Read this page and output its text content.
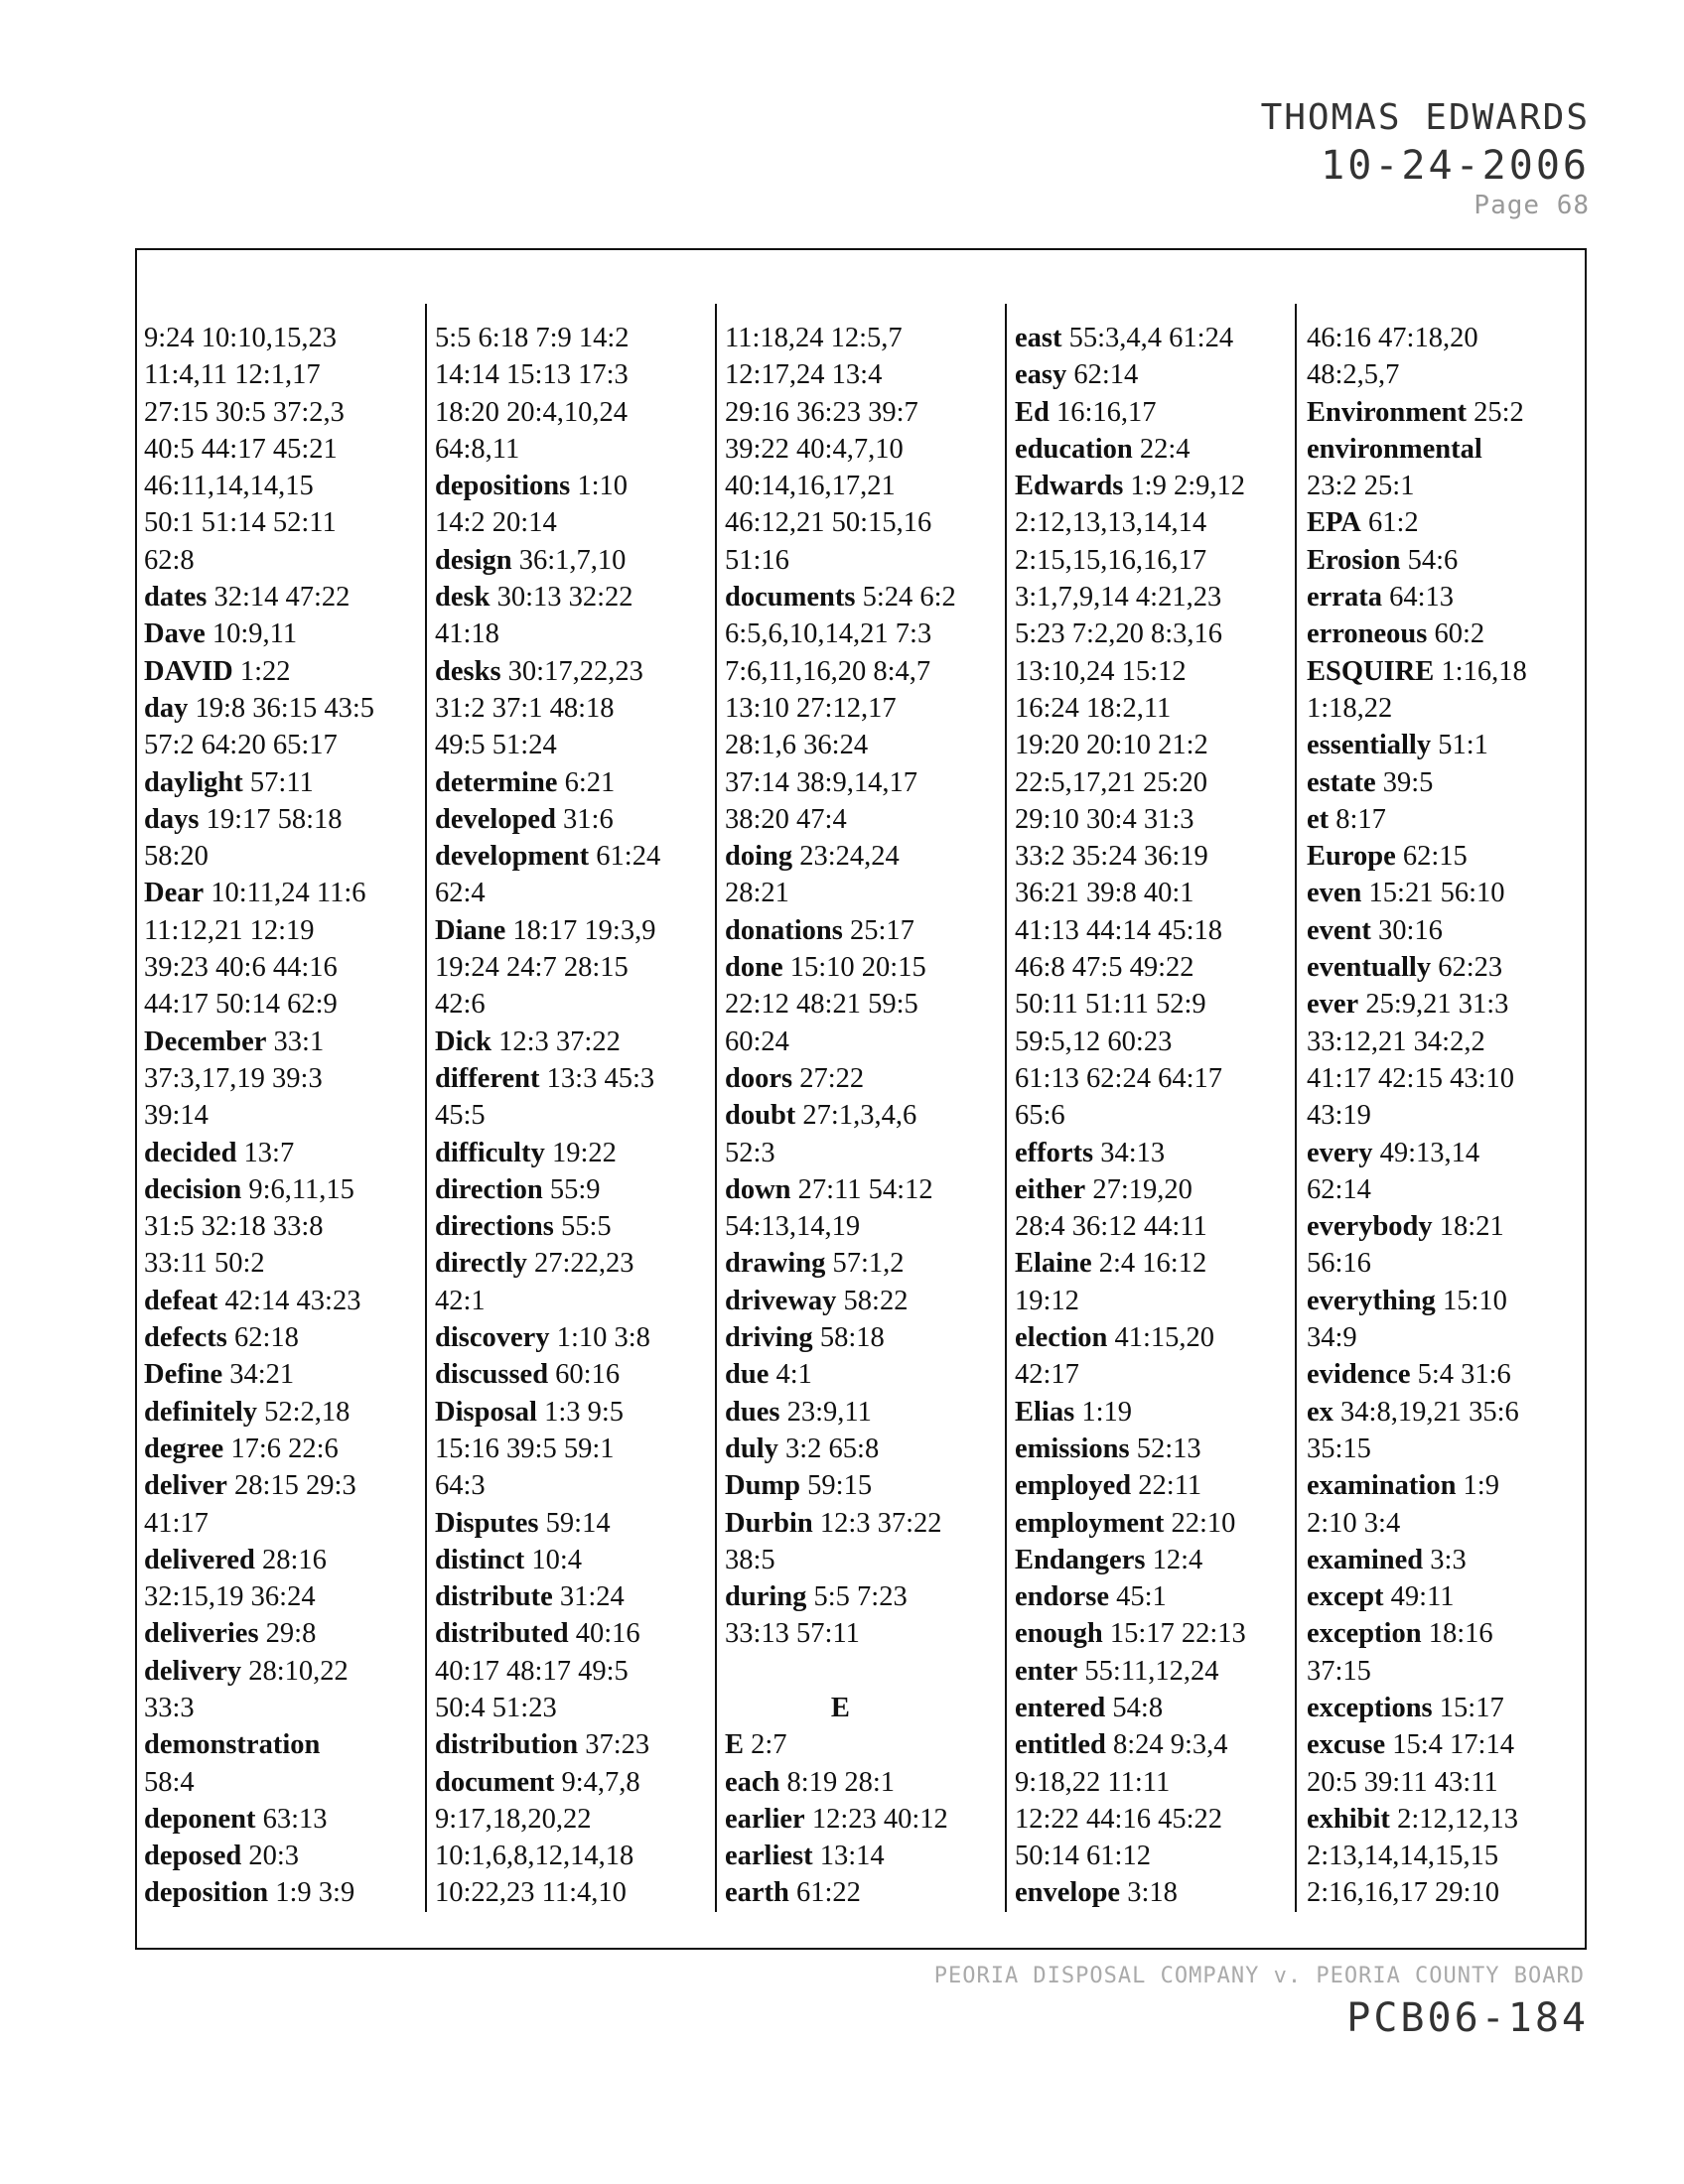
THOMAS EDWARDS
10-24-2006
Page 68
9:24 10:10,15,23
11:4,11 12:1,17
27:15 30:5 37:2,3
40:5 44:17 45:21
46:11,14,14,15
50:1 51:14 52:11
62:8
dates 32:14 47:22
Dave 10:9,11
DAVID 1:22
day 19:8 36:15 43:5
57:2 64:20 65:17
daylight 57:11
days 19:17 58:18
58:20
Dear 10:11,24 11:6
11:12,21 12:19
39:23 40:6 44:16
44:17 50:14 62:9
December 33:1
37:3,17,19 39:3
39:14
decided 13:7
decision 9:6,11,15
31:5 32:18 33:8
33:11 50:2
defeat 42:14 43:23
defects 62:18
Define 34:21
definitely 52:2,18
degree 17:6 22:6
deliver 28:15 29:3
41:17
delivered 28:16
32:15,19 36:24
deliveries 29:8
delivery 28:10,22
33:3
demonstration
58:4
deponent 63:13
deposed 20:3
deposition 1:9 3:9
5:5 6:18 7:9 14:2
14:14 15:13 17:3
18:20 20:4,10,24
64:8,11
depositions 1:10
14:2 20:14
design 36:1,7,10
desk 30:13 32:22
41:18
desks 30:17,22,23
31:2 37:1 48:18
49:5 51:24
determine 6:21
developed 31:6
development 61:24
62:4
Diane 18:17 19:3,9
19:24 24:7 28:15
42:6
Dick 12:3 37:22
different 13:3 45:3
45:5
difficulty 19:22
direction 55:9
directions 55:5
directly 27:22,23
42:1
discovery 1:10 3:8
discussed 60:16
Disposal 1:3 9:5
15:16 39:5 59:1
64:3
Disputes 59:14
distinct 10:4
distribute 31:24
distributed 40:16
40:17 48:17 49:5
50:4 51:23
distribution 37:23
document 9:4,7,8
9:17,18,20,22
10:1,6,8,12,14,18
10:22,23 11:4,10
11:18,24 12:5,7
12:17,24 13:4
29:16 36:23 39:7
39:22 40:4,7,10
40:14,16,17,21
46:12,21 50:15,16
51:16
documents 5:24 6:2
6:5,6,10,14,21 7:3
7:6,11,16,20 8:4,7
13:10 27:12,17
28:1,6 36:24
37:14 38:9,14,17
38:20 47:4
doing 23:24,24
28:21
donations 25:17
done 15:10 20:15
22:12 48:21 59:5
60:24
doors 27:22
doubt 27:1,3,4,6
52:3
down 27:11 54:12
54:13,14,19
drawing 57:1,2
driveway 58:22
driving 58:18
due 4:1
dues 23:9,11
duly 3:2 65:8
Dump 59:15
Durbin 12:3 37:22
38:5
during 5:5 7:23
33:13 57:11

E
E 2:7
each 8:19 28:1
earlier 12:23 40:12
earliest 13:14
earth 61:22
east 55:3,4,4 61:24
easy 62:14
Ed 16:16,17
education 22:4
Edwards 1:9 2:9,12
2:12,13,13,14,14
2:15,15,16,16,17
3:1,7,9,14 4:21,23
5:23 7:2,20 8:3,16
13:10,24 15:12
16:24 18:2,11
19:20 20:10 21:2
22:5,17,21 25:20
29:10 30:4 31:3
33:2 35:24 36:19
36:21 39:8 40:1
41:13 44:14 45:18
46:8 47:5 49:22
50:11 51:11 52:9
59:5,12 60:23
61:13 62:24 64:17
65:6
efforts 34:13
either 27:19,20
28:4 36:12 44:11
Elaine 2:4 16:12
19:12
election 41:15,20
42:17
Elias 1:19
emissions 52:13
employed 22:11
employment 22:10
Endangers 12:4
endorse 45:1
enough 15:17 22:13
enter 55:11,12,24
entered 54:8
entitled 8:24 9:3,4
9:18,22 11:11
12:22 44:16 45:22
50:14 61:12
envelope 3:18
46:16 47:18,20
48:2,5,7
Environment 25:2
environmental
23:2 25:1
EPA 61:2
Erosion 54:6
errata 64:13
erroneous 60:2
ESQUIRE 1:16,18
1:18,22
essentially 51:1
estate 39:5
et 8:17
Europe 62:15
even 15:21 56:10
event 30:16
eventually 62:23
ever 25:9,21 31:3
33:12,21 34:2,2
41:17 42:15 43:10
43:19
every 49:13,14
62:14
everybody 18:21
56:16
everything 15:10
34:9
evidence 5:4 31:6
ex 34:8,19,21 35:6
35:15
examination 1:9
2:10 3:4
examined 3:3
except 49:11
exception 18:16
37:15
exceptions 15:17
excuse 15:4 17:14
20:5 39:11 43:11
exhibit 2:12,12,13
2:13,14,14,15,15
2:16,16,17 29:10
PEORIA DISPOSAL COMPANY v. PEORIA COUNTY BOARD
PCB06-184
